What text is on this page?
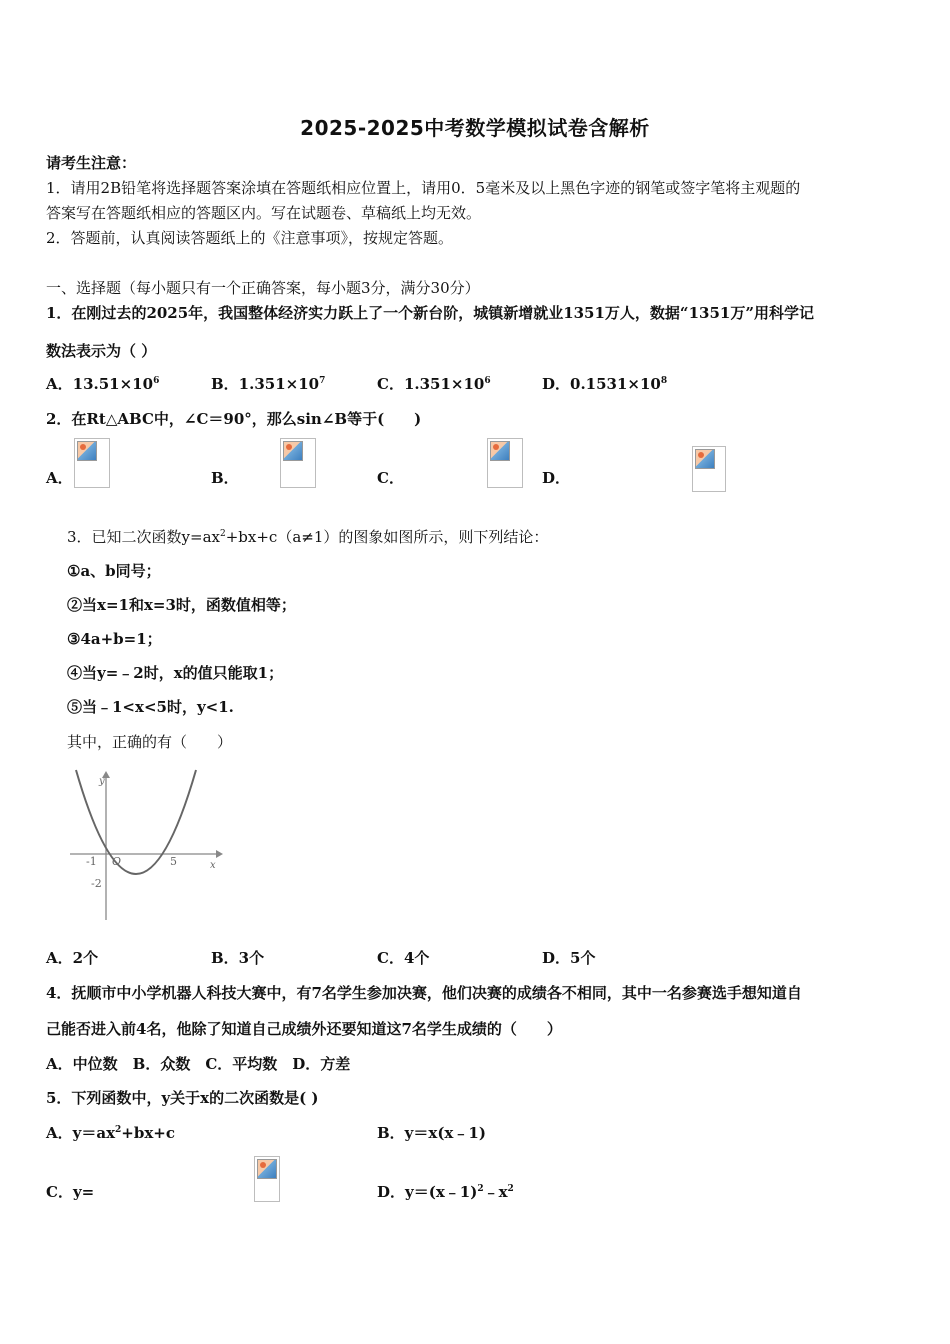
2025-2025中考数学模拟试卷含解析
请考生注意：
1．请用2B铅笔将选择题答案涂填在答题纸相应位置上，请用0．5毫米及以上黑色字迹的钢笔或签字笔将主观题的
答案写在答题纸相应的答题区内。写在试题卷、草稿纸上均无效。
2．答题前，认真阅读答题纸上的《注意事项》，按规定答题。
一、选择题（每小题只有一个正确答案，每小题3分，满分30分）
1．在刚过去的2025年，我国整体经济实力跃上了一个新台阶，城镇新增就业1351万人，数据“1351万”用科学记
数法表示为（ ）
A．$13.51\times 10^6$	B．$1.351\times 10^7$	C．$1.351\times 10^6$	D．$0.1531\times 10^8$
2．在Rt△ABC中，∠C＝90°，那么sin∠B等于(　　)
A．
	B．
	C．
	D．

3．已知二次函数$y=ax^2+bx+c(a\ne 1)$的图象如图所示，则下列结论：
①a、b同号；
②当x=1和x=3时，函数值相等；
③4a+b=1；
④当y=﹣2时，x的值只能取1；
⑤当﹣1<x<5时，y<1.
其中，正确的有（　　）
y
x
O
-1	5
-2
A．2个	B．3个	C．4个	D．5个
4．抚顺市中小学机器人科技大赛中，有7名学生参加决赛，他们决赛的成绩各不相同，其中一名参赛选手想知道自
己能否进入前4名，他除了知道自己成绩外还要知道这7名学生成绩的（　　）
A．中位数　B．众数　C．平均数　D．方差
5．下列函数中，y关于x的二次函数是( )
A．$y=ax^2+bx+c$	B．y＝x(x﹣1)
C．y=	D．$y=(x﹣1)^2﹣x^2$
